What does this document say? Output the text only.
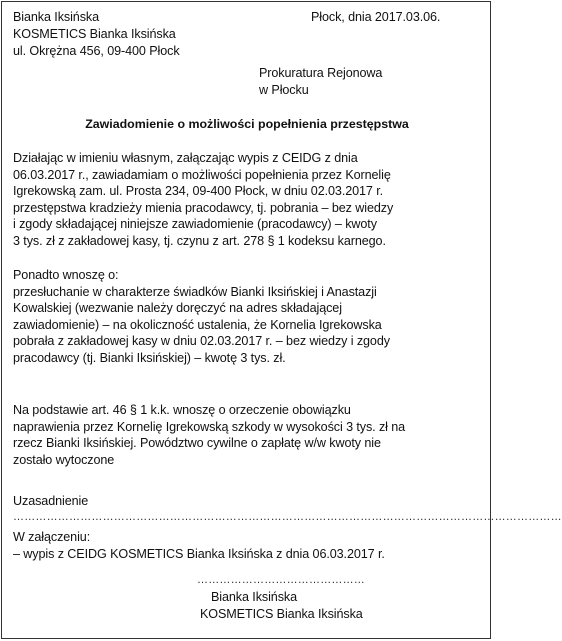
Bianka Iksińska
KOSMETICS Bianka Iksińska
ul. Okrężna 456, 09-400 Płock
Płock, dnia 2017.03.06.
Prokuratura Rejonowa
w Płocku
Zawiadomienie o możliwości popełnienia przestępstwa
Działając w imieniu własnym, załączając wypis z CEIDG z dnia
06.03.2017 r., zawiadamiam o możliwości popełnienia przez Kornelię
Igrekowską zam. ul. Prosta 234, 09-400 Płock, w dniu 02.03.2017 r.
przestępstwa kradzieży mienia pracodawcy, tj. pobrania – bez wiedzy
i zgody składającej niniejsze zawiadomienie (pracodawcy) – kwoty
3 tys. zł z zakładowej kasy, tj. czynu z art. 278 § 1 kodeksu karnego.
Ponadto wnoszę o:
przesłuchanie w charakterze świadków Bianki Iksińskiej i Anastazji
Kowalskiej (wezwanie należy doręczyć na adres składającej
zawiadomienie) – na okoliczność ustalenia, że Kornelia Igrekowska
pobrała z zakładowej kasy w dniu 02.03.2017 r. – bez wiedzy i zgody
pracodawcy (tj. Bianki Iksińskiej) – kwotę 3 tys. zł.
Na podstawie art. 46 § 1 k.k. wnoszę o orzeczenie obowiązku
naprawienia przez Kornelię Igrekowską szkody w wysokości 3 tys. zł na
rzecz Bianki Iksińskiej. Powództwo cywilne o zapłatę w/w kwoty nie
zostało wytoczone
Uzasadnienie
…………………………………………………………………………………………………………………………………
W załączeniu:
– wypis z CEIDG KOSMETICS Bianka Iksińska z dnia 06.03.2017 r.
………………………………………
Bianka Iksińska
KOSMETICS Bianka Iksińska
